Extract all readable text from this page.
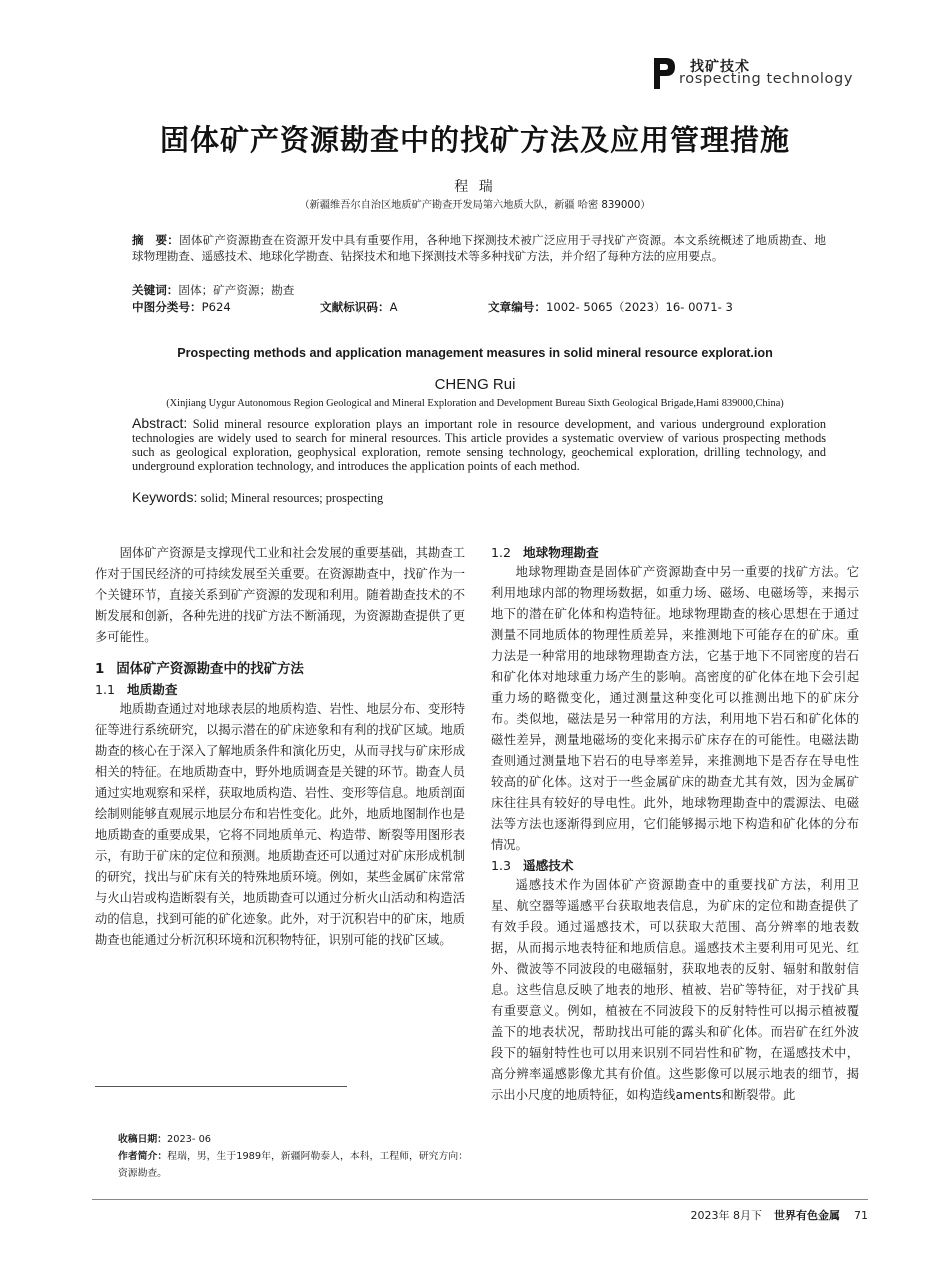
找矿技术
rospecting technology
固体矿产资源勘查中的找矿方法及应用管理措施
程 瑞
（新疆维吾尔自治区地质矿产勘查开发局第六地质大队，新疆 哈密 839000）
摘　要：固体矿产资源勘查在资源开发中具有重要作用，各种地下探测技术被广泛应用于寻找矿产资源。本文系统概述了地质勘查、地球物理勘查、遥感技术、地球化学勘查、钻探技术和地下探测技术等多种找矿方法，并介绍了每种方法的应用要点。
关键词：固体；矿产资源；勘查
中图分类号：P624	文献标识码：A	文章编号：1002- 5065（2023）16- 0071- 3
Prospecting methods and application management measures in solid mineral resource explorat.ion
CHENG Rui
(Xinjiang Uygur Autonomous Region Geological and Mineral Exploration and Development Bureau Sixth Geological Brigade,Hami 839000,China)
Abstract: Solid mineral resource exploration plays an important role in resource development, and various underground exploration technologies are widely used to search for mineral resources. This article provides a systematic overview of various prospecting methods such as geological exploration, geophysical exploration, remote sensing technology, geochemical exploration, drilling technology, and underground exploration technology, and introduces the application points of each method.
Keywords: solid; Mineral resources; prospecting

固体矿产资源是支撑现代工业和社会发展的重要基础，其勘查工作对于国民经济的可持续发展至关重要。在资源勘查中，找矿作为一个关键环节，直接关系到矿产资源的发现和利用。随着勘查技术的不断发展和创新，各种先进的找矿方法不断涌现，为资源勘查提供了更多可能性。

1 固体矿产资源勘查中的找矿方法
1.1 地质勘查

地质勘查通过对地球表层的地质构造、岩性、地层分布、变形特征等进行系统研究，以揭示潜在的矿床迹象和有利的找矿区域。地质勘查的核心在于深入了解地质条件和演化历史，从而寻找与矿床形成相关的特征。在地质勘查中，野外地质调查是关键的环节。勘查人员通过实地观察和采样，获取地质构造、岩性、变形等信息。地质剖面绘制则能够直观展示地层分布和岩性变化。此外，地质地图制作也是地质勘查的重要成果，它将不同地质单元、构造带、断裂等用图形表示，有助于矿床的定位和预测。地质勘查还可以通过对矿床形成机制的研究，找出与矿床有关的特殊地质环境。例如，某些金属矿床常常与火山岩或构造断裂有关，地质勘查可以通过分析火山活动和构造活动的信息，找到可能的矿化迹象。此外，对于沉积岩中的矿床，地质勘查也能通过分析沉积环境和沉积物特征，识别可能的找矿区域。

1.2 地球物理勘查

地球物理勘查是固体矿产资源勘查中另一重要的找矿方法。它利用地球内部的物理场数据，如重力场、磁场、电磁场等，来揭示地下的潜在矿化体和构造特征。地球物理勘查的核心思想在于通过测量不同地质体的物理性质差异，来推测地下可能存在的矿床。重力法是一种常用的地球物理勘查方法，它基于地下不同密度的岩石和矿化体对地球重力场产生的影响。高密度的矿化体在地下会引起重力场的略微变化，通过测量这种变化可以推测出地下的矿床分布。类似地，磁法是另一种常用的方法，利用地下岩石和矿化体的磁性差异，测量地磁场的变化来揭示矿床存在的可能性。电磁法勘查则通过测量地下岩石的电导率差异，来推测地下是否存在导电性较高的矿化体。这对于一些金属矿床的勘查尤其有效，因为金属矿床往往具有较好的导电性。此外，地球物理勘查中的震源法、电磁法等方法也逐渐得到应用，它们能够揭示地下构造和矿化体的分布情况。

1.3 遥感技术

遥感技术作为固体矿产资源勘查中的重要找矿方法，利用卫星、航空器等遥感平台获取地表信息，为矿床的定位和勘查提供了有效手段。通过遥感技术，可以获取大范围、高分辨率的地表数据，从而揭示地表特征和地质信息。遥感技术主要利用可见光、红外、微波等不同波段的电磁辐射，获取地表的反射、辐射和散射信息。这些信息反映了地表的地形、植被、岩矿等特征，对于找矿具有重要意义。例如，植被在不同波段下的反射特性可以揭示植被覆盖下的地表状况，帮助找出可能的露头和矿化体。而岩矿在红外波段下的辐射特性也可以用来识别不同岩性和矿物，在遥感技术中，高分辨率遥感影像尤其有价值。这些影像可以展示地表的细节，揭示出小尺度的地质特征，如构造线aments和断裂带。此

收稿日期：2023- 06
作者简介：程瑞，男，生于1989年，新疆阿勒泰人，本科，工程师，研究方向：资源勘查。
2023年 8月下 世界有色金属 71
